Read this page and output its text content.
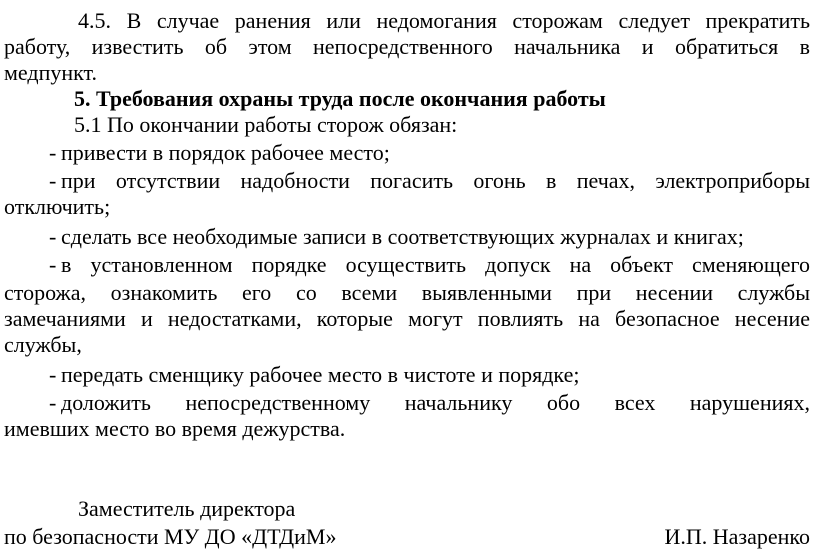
4.5. В случае ранения или недомогания сторожам следует прекратить
работу, известить об этом непосредственного начальника и обратиться в
медпункт.
5. Требования охраны труда после окончания работы
5.1 По окончании работы сторож обязан:
- привести в порядок рабочее место;
- при отсутствии надобности погасить огонь в печах, электроприборы
отключить;
- сделать все необходимые записи в соответствующих журналах и книгах;
- в установленном порядке осуществить допуск на объект сменяющего
сторожа, ознакомить его со всеми выявленными при несении службы
замечаниями и недостатками, которые могут повлиять на безопасное несение
службы,
- передать сменщику рабочее место в чистоте и порядке;
- доложить непосредственному начальнику обо всех нарушениях,
имевших место во время дежурства.
Заместитель директора
по безопасности МУ ДО «ДТДиМ»	И.П. Назаренко
